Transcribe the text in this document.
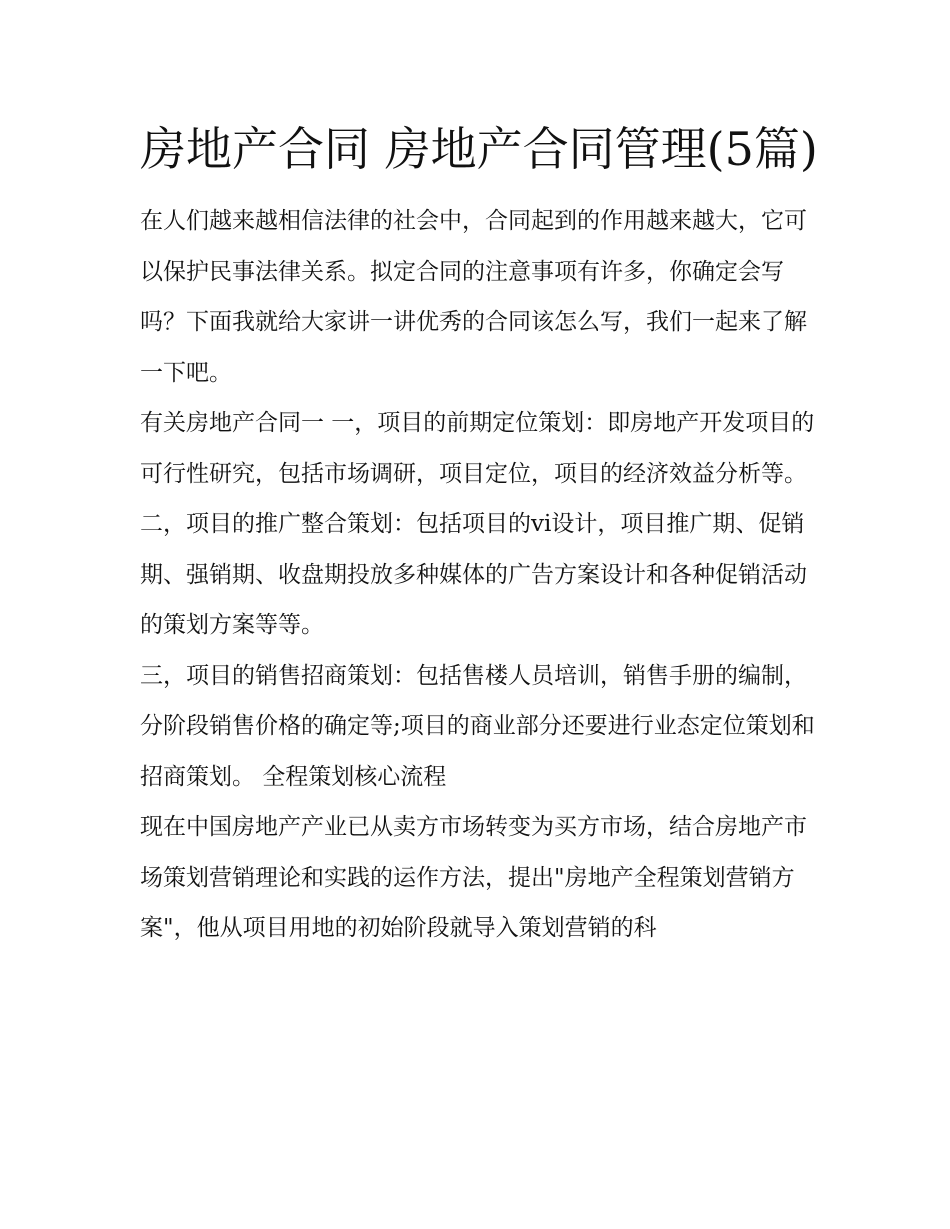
房地产合同 房地产合同管理(5篇)

在人们越来越相信法律的社会中，合同起到的作用越来越大，它可以保护民事法律关系。拟定合同的注意事项有许多，你确定会写吗？下面我就给大家讲一讲优秀的合同该怎么写，我们一起来了解一下吧。

有关房地产合同一 一，项目的前期定位策划：即房地产开发项目的可行性研究，包括市场调研，项目定位，项目的经济效益分析等。

二，项目的推广整合策划：包括项目的vi设计，项目推广期、促销期、强销期、收盘期投放多种媒体的广告方案设计和各种促销活动的策划方案等等。

三，项目的销售招商策划：包括售楼人员培训，销售手册的编制，分阶段销售价格的确定等;项目的商业部分还要进行业态定位策划和招商策划。 全程策划核心流程

现在中国房地产产业已从卖方市场转变为买方市场，结合房地产市场策划营销理论和实践的运作方法，提出"房地产全程策划营销方案"，他从项目用地的初始阶段就导入策划营销的科
